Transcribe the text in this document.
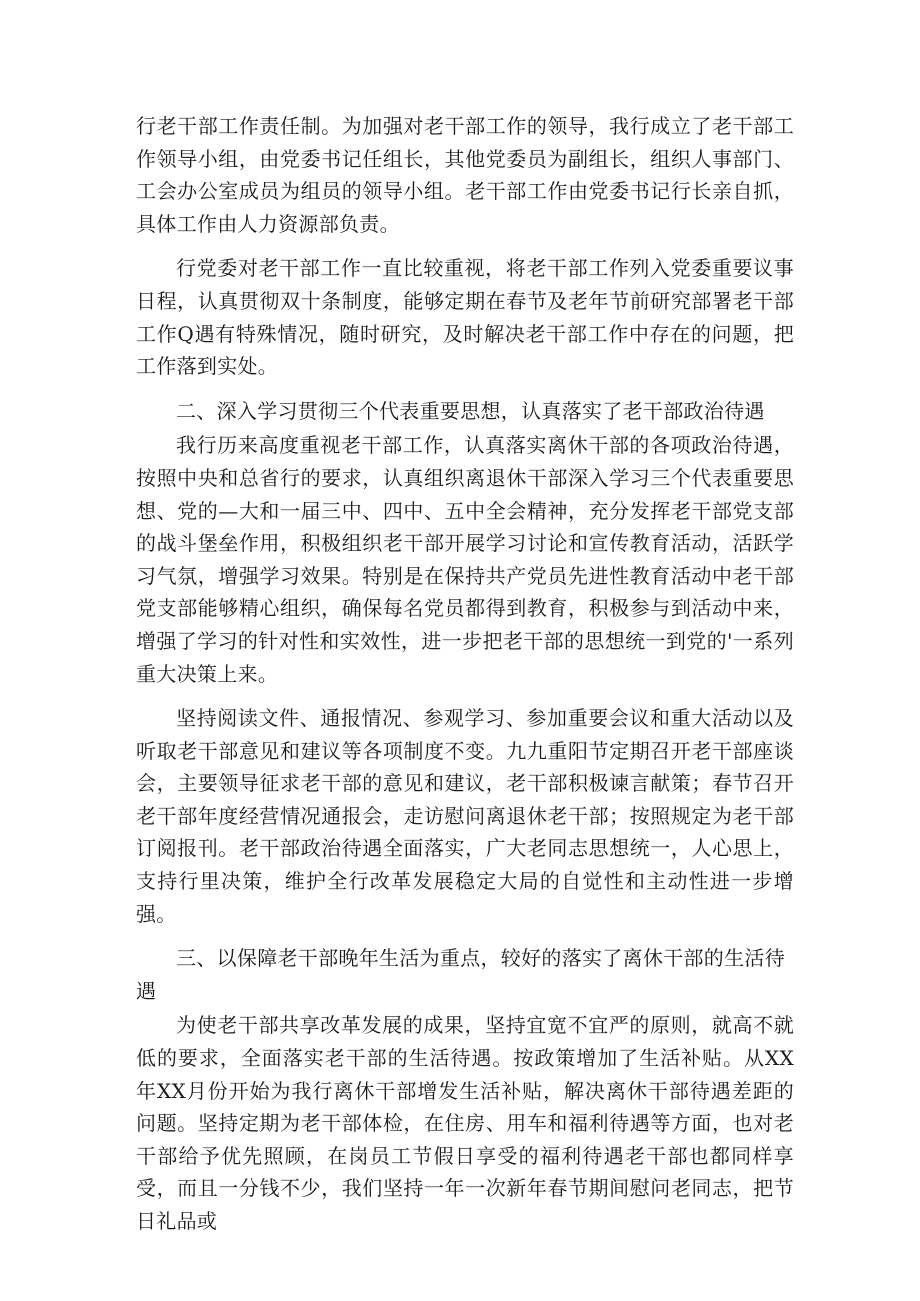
行老干部工作责任制。为加强对老干部工作的领导，我行成立了老干部工作领导小组，由党委书记任组长，其他党委员为副组长，组织人事部门、工会办公室成员为组员的领导小组。老干部工作由党委书记行长亲自抓，具体工作由人力资源部负责。

行党委对老干部工作一直比较重视，将老干部工作列入党委重要议事日程，认真贯彻双十条制度，能够定期在春节及老年节前研究部署老干部工作Q遇有特殊情况，随时研究，及时解决老干部工作中存在的问题，把工作落到实处。

二、深入学习贯彻三个代表重要思想，认真落实了老干部政治待遇

我行历来高度重视老干部工作，认真落实离休干部的各项政治待遇，按照中央和总省行的要求，认真组织离退休干部深入学习三个代表重要思想、党的—大和一届三中、四中、五中全会精神，充分发挥老干部党支部的战斗堡垒作用，积极组织老干部开展学习讨论和宣传教育活动，活跃学习气氛，增强学习效果。特别是在保持共产党员先进性教育活动中老干部党支部能够精心组织，确保每名党员都得到教育，积极参与到活动中来，增强了学习的针对性和实效性，进一步把老干部的思想统一到党的'一系列重大决策上来。

坚持阅读文件、通报情况、参观学习、参加重要会议和重大活动以及听取老干部意见和建议等各项制度不变。九九重阳节定期召开老干部座谈会，主要领导征求老干部的意见和建议，老干部积极谏言献策；春节召开老干部年度经营情况通报会，走访慰问离退休老干部；按照规定为老干部订阅报刊。老干部政治待遇全面落实，广大老同志思想统一，人心思上，支持行里决策，维护全行改革发展稳定大局的自觉性和主动性进一步增强。

三、以保障老干部晚年生活为重点，较好的落实了离休干部的生活待遇

为使老干部共享改革发展的成果，坚持宜宽不宜严的原则，就高不就低的要求，全面落实老干部的生活待遇。按政策增加了生活补贴。从XX年XX月份开始为我行离休干部增发生活补贴，解决离休干部待遇差距的问题。坚持定期为老干部体检，在住房、用车和福利待遇等方面，也对老干部给予优先照顾，在岗员工节假日享受的福利待遇老干部也都同样享受，而且一分钱不少，我们坚持一年一次新年春节期间慰问老同志，把节日礼品或
